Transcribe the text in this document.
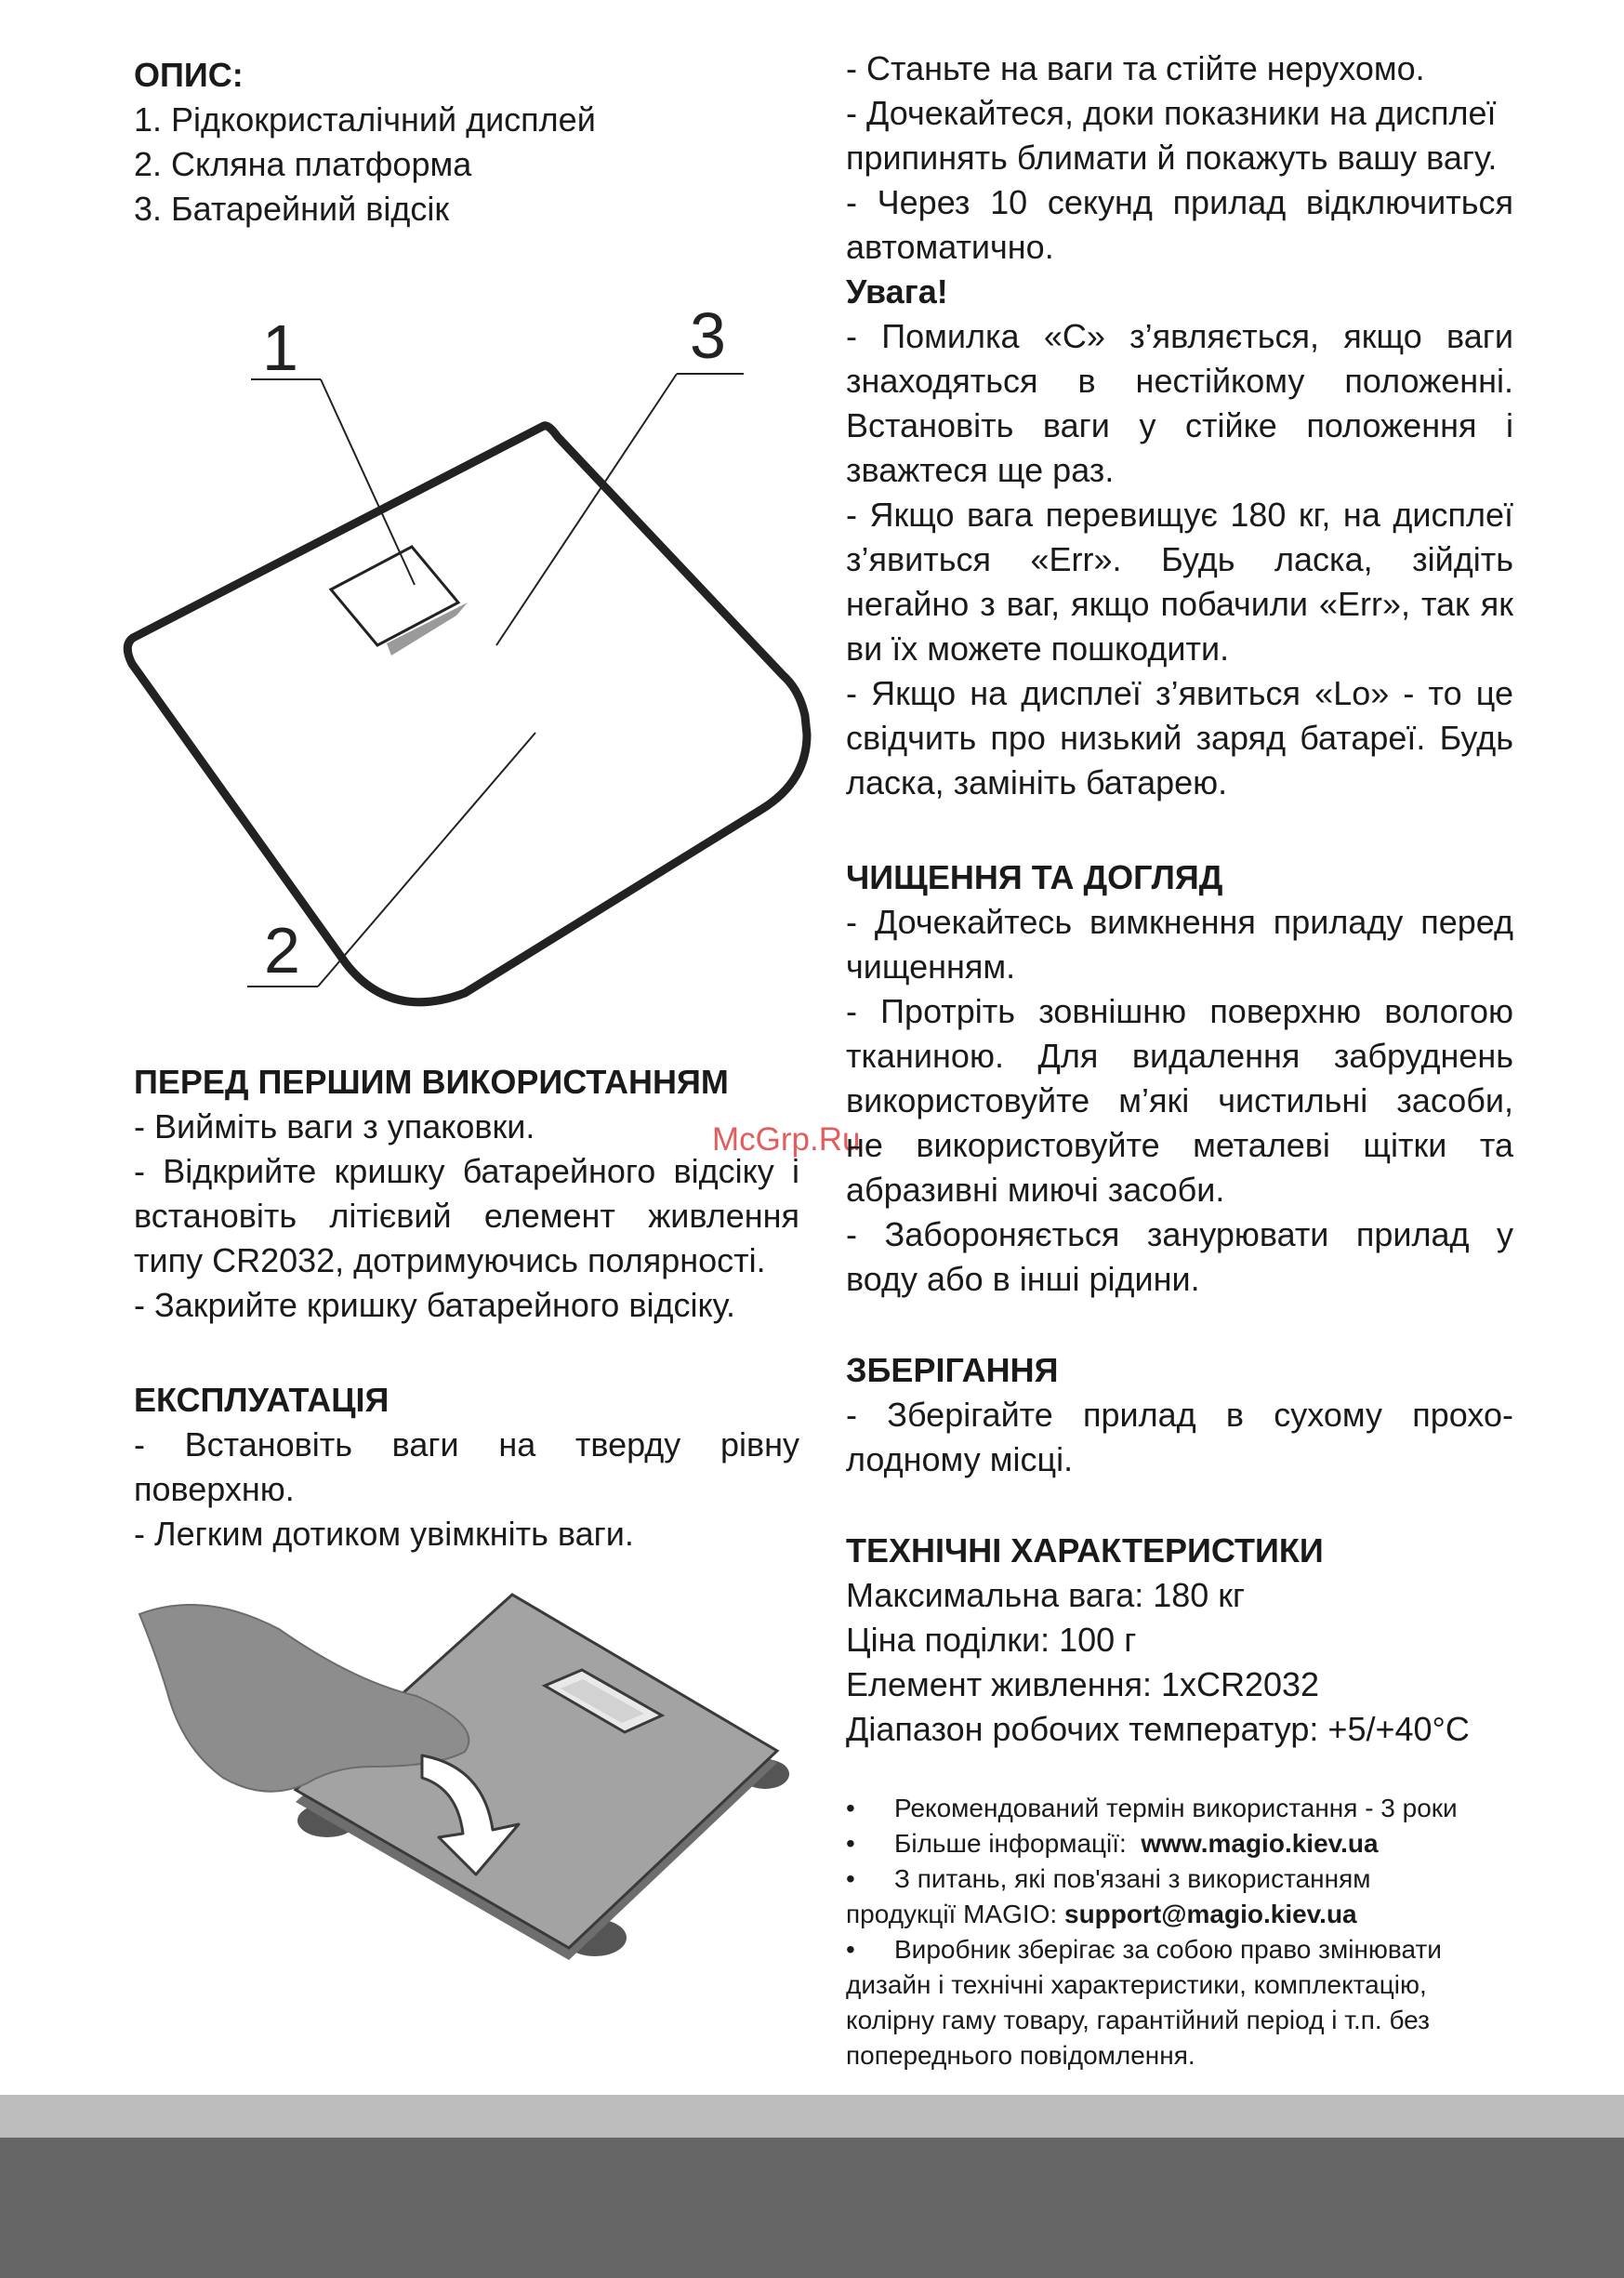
1	3
2
McGrp.Ru
ОПИС:
1. Рідкокристалічний дисплей
2. Скляна платформа
3. Батарейний відсік
ПЕРЕД ПЕРШИМ ВИКОРИСТАННЯМ
- Вийміть ваги з упаковки.
- Відкрийте кришку батарейного відсіку і
встановіть літієвий елемент живлення
типу CR2032, дотримуючись полярності.
- Закрийте кришку батарейного відсіку.
ЕКСПЛУАТАЦІЯ
- Встановіть ваги на тверду рівну
поверхню.
- Легким дотиком увімкніть ваги.
- Станьте на ваги та стійте нерухомо.
- Дочекайтеся, доки показники на дисплеї
припинять блимати й покажуть вашу вагу.
- Через 10 секунд прилад відключиться
автоматично.
Увага!
- Помилка «С» з’являється, якщо ваги
знаходяться в нестійкому положенні.
Встановіть ваги у стійке положення і
зважтеся ще раз.
- Якщо вага перевищує 180 кг, на дисплеї
з’явиться «Err». Будь ласка, зійдіть
негайно з ваг, якщо побачили «Err», так як
ви їх можете пошкодити.
- Якщо на дисплеї з’явиться «Lo» - то це
свідчить про низький заряд батареї. Будь
ласка, замініть батарею.
ЧИЩЕННЯ ТА ДОГЛЯД
- Дочекайтесь вимкнення приладу перед
чищенням.
- Протріть зовнішню поверхню вологою
тканиною. Для видалення забруднень
використовуйте м’які чистильні засоби,
не використовуйте металеві щітки та
абразивні миючі засоби.
- Забороняється занурювати прилад у
воду або в інші рідини.
ЗБЕРІГАННЯ
- Зберігайте прилад в сухому прохо-
лодному місці.
ТЕХНІЧНІ ХАРАКТЕРИСТИКИ
Максимальна вага: 180 кг
Ціна поділки: 100 г
Елемент живлення: 1xCR2032
Діапазон робочих температур: +5/+40°C
• Рекомендований термін використання - 3 роки
• Більше інформації: www.magio.kiev.ua
• З питань, які пов'язані з використанням
продукції MAGIO: support@magio.kiev.ua
• Виробник зберігає за собою право змінювати
дизайн і технічні характеристики, комплектацію,
колірну гаму товару, гарантійний період і т.п. без
попереднього повідомлення.
